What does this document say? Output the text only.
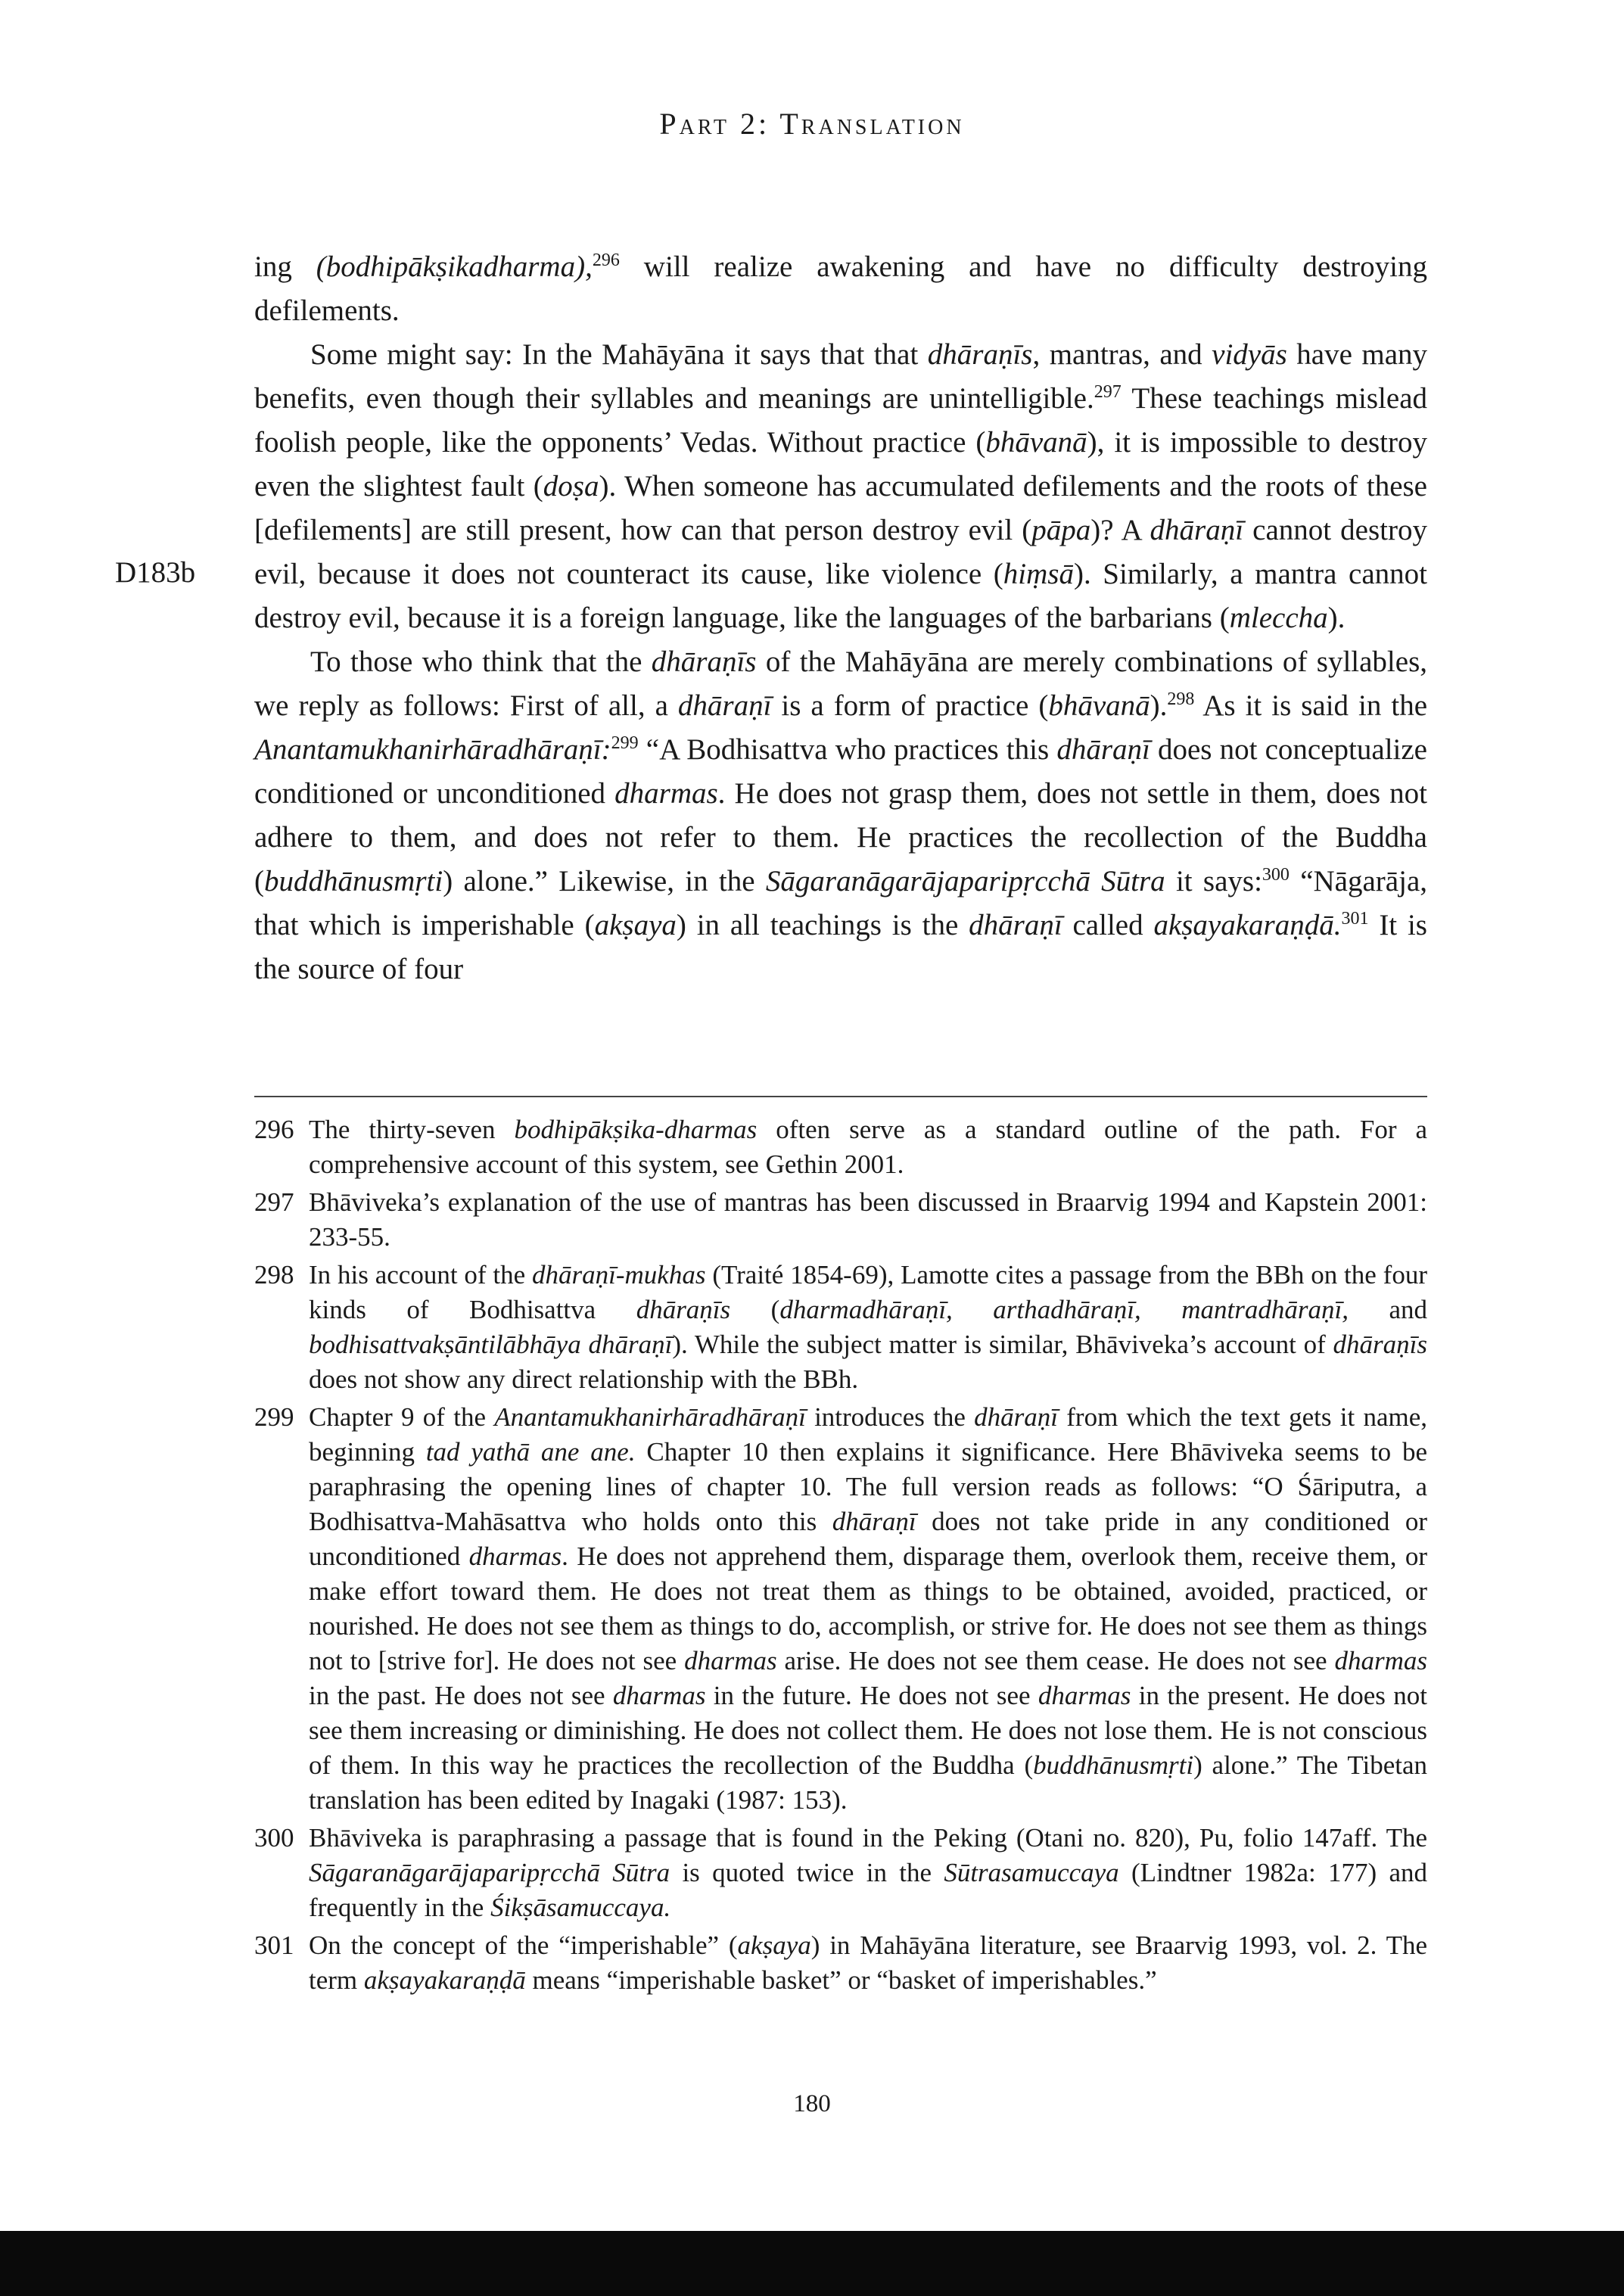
Part 2: Translation
D183b

ing (bodhipākṣikadharma),$^{296}$ will realize awakening and have no difficulty destroying defilements.

Some might say: In the Mahāyāna it says that that dhāraṇīs, mantras, and vidyās have many benefits, even though their syllables and meanings are unintelligible.$^{297}$ These teachings mislead foolish people, like the opponents’ Vedas. Without practice (bhāvanā), it is impossible to destroy even the slightest fault (doṣa). When someone has accumulated defilements and the roots of these [defilements] are still present, how can that person destroy evil (pāpa)? A dhāraṇī cannot destroy evil, because it does not counteract its cause, like violence (hiṃsā). Similarly, a mantra cannot destroy evil, because it is a foreign language, like the languages of the barbarians (mleccha).

To those who think that the dhāraṇīs of the Mahāyāna are merely combinations of syllables, we reply as follows: First of all, a dhāraṇī is a form of practice (bhāvanā).$^{298}$ As it is said in the Anantamukhanirhāradhāraṇī:$^{299}$ “A Bodhisattva who practices this dhāraṇī does not conceptualize conditioned or unconditioned dharmas. He does not grasp them, does not settle in them, does not adhere to them, and does not refer to them. He practices the recollection of the Buddha (buddhānusmṛti) alone.” Likewise, in the Sāgaranāgarājaparipṛcchā Sūtra it says:$^{300}$ “Nāgarāja, that which is imperishable (akṣaya) in all teachings is the dhāraṇī called akṣayakaraṇḍā.$^{301}$ It is the source of four

296 The thirty-seven bodhipākṣika-dharmas often serve as a standard outline of the path. For a comprehensive account of this system, see Gethin 2001.
297 Bhāviveka’s explanation of the use of mantras has been discussed in Braarvig 1994 and Kapstein 2001: 233-55.
298 In his account of the dhāraṇī-mukhas (Traité 1854-69), Lamotte cites a passage from the BBh on the four kinds of Bodhisattva dhāraṇīs (dharmadhāraṇī, arthadhāraṇī, mantradhāraṇī, and bodhisattvakṣāntilābhāya dhāraṇī). While the subject matter is similar, Bhāviveka’s account of dhāraṇīs does not show any direct relationship with the BBh.
299 Chapter 9 of the Anantamukhanirhāradhāraṇī introduces the dhāraṇī from which the text gets it name, beginning tad yathā ane ane. Chapter 10 then explains it significance. Here Bhāviveka seems to be paraphrasing the opening lines of chapter 10. The full version reads as follows: “O Śāriputra, a Bodhisattva-Mahāsattva who holds onto this dhāraṇī does not take pride in any conditioned or unconditioned dharmas. He does not apprehend them, disparage them, overlook them, receive them, or make effort toward them. He does not treat them as things to be obtained, avoided, practiced, or nourished. He does not see them as things to do, accomplish, or strive for. He does not see them as things not to [strive for]. He does not see dharmas arise. He does not see them cease. He does not see dharmas in the past. He does not see dharmas in the future. He does not see dharmas in the present. He does not see them increasing or diminishing. He does not collect them. He does not lose them. He is not conscious of them. In this way he practices the recollection of the Buddha (buddhānusmṛti) alone.” The Tibetan translation has been edited by Inagaki (1987: 153).
300 Bhāviveka is paraphrasing a passage that is found in the Peking (Otani no. 820), Pu, folio 147aff. The Sāgaranāgarājaparipṛcchā Sūtra is quoted twice in the Sūtrasamuccaya (Lindtner 1982a: 177) and frequently in the Śikṣāsamuccaya.
301 On the concept of the “imperishable” (akṣaya) in Mahāyāna literature, see Braarvig 1993, vol. 2. The term akṣayakaraṇḍā means “imperishable basket” or “basket of imperishables.”
180
